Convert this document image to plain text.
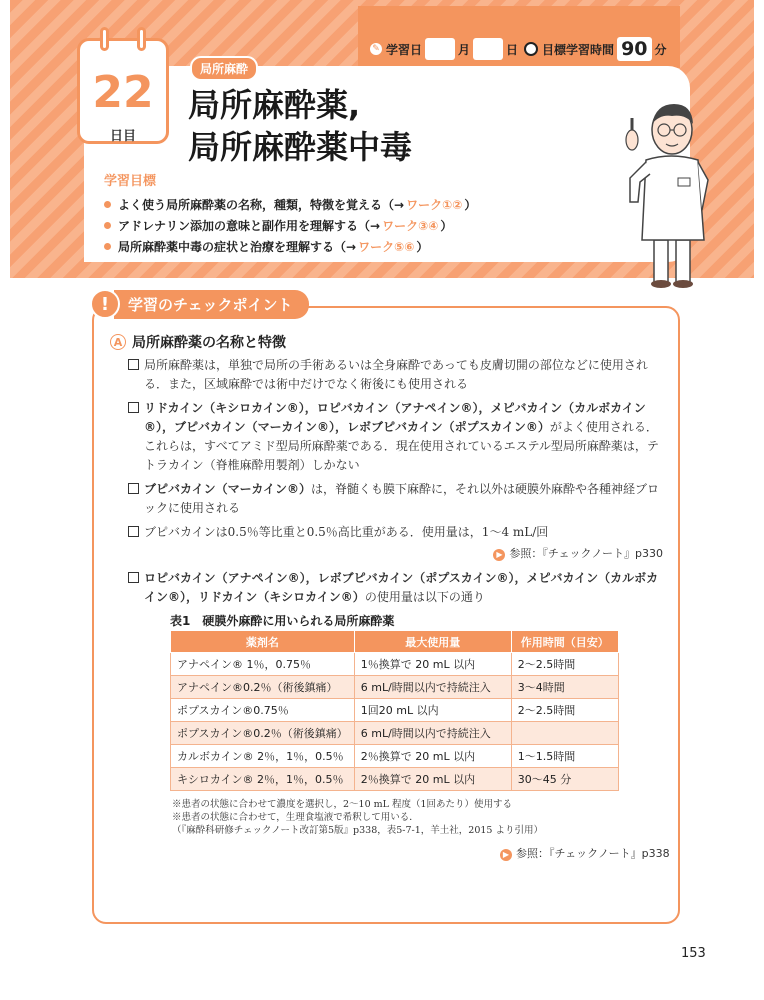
✎ 学習日	月	日 目標学習時間 90 分
22
日目
局所麻酔
局所麻酔薬,
局所麻酔薬中毒
学習目標
よく使う局所麻酔薬の名称，種類，特徴を覚える（→ ワーク①② ）
アドレナリン添加の意味と副作用を理解する（→ ワーク③④ ）
局所麻酔薬中毒の症状と治療を理解する（→ ワーク⑤⑥ ）
!	学習のチェックポイント
A 局所麻酔薬の名称と特徴
局所麻酔薬は，単独で局所の手術あるいは全身麻酔であっても皮膚切開の部位などに使用される．また，区域麻酔では術中だけでなく術後にも使用される
リドカイン（キシロカイン®），ロピバカイン（アナペイン®），メピバカイン（カルボカイン®），ブピバカイン（マーカイン®），レボブピバカイン（ポプスカイン®）がよく使用される．これらは，すべてアミド型局所麻酔薬である．現在使用されているエステル型局所麻酔薬は，テトラカイン（脊椎麻酔用製剤）しかない
ブピバカイン（マーカイン®）は，脊髄くも膜下麻酔に，それ以外は硬膜外麻酔や各種神経ブロックに使用される
ブピバカインは0.5％等比重と0.5％高比重がある．使用量は，1〜4 mL/回
▶ 参照：『チェックノート』p330
ロピバカイン（アナペイン®），レボブピバカイン（ポプスカイン®），メピバカイン（カルボカイン®），リドカイン（キシロカイン®）の使用量は以下の通り
表1　硬膜外麻酔に用いられる局所麻酔薬
薬剤名	最大使用量	作用時間（目安）
アナペイン® 1％，0.75％	1％換算で 20 mL 以内	2〜2.5時間
アナペイン®0.2％（術後鎮痛）	6 mL/時間以内で持続注入	3〜4時間
ポプスカイン®0.75％	1回20 mL 以内	2〜2.5時間
ポプスカイン®0.2％（術後鎮痛）	6 mL/時間以内で持続注入	
カルボカイン® 2％，1％，0.5％	2％換算で 20 mL 以内	1〜1.5時間
キシロカイン® 2％，1％，0.5％	2％換算で 20 mL 以内	30〜45 分
※患者の状態に合わせて濃度を選択し，2〜10 mL 程度（1回あたり）使用する
※患者の状態に合わせて，生理食塩液で希釈して用いる．
（『麻酔科研修チェックノート改訂第5版』p338，表5-7-1，羊土社，2015 より引用）
▶ 参照：『チェックノート』p338
153
